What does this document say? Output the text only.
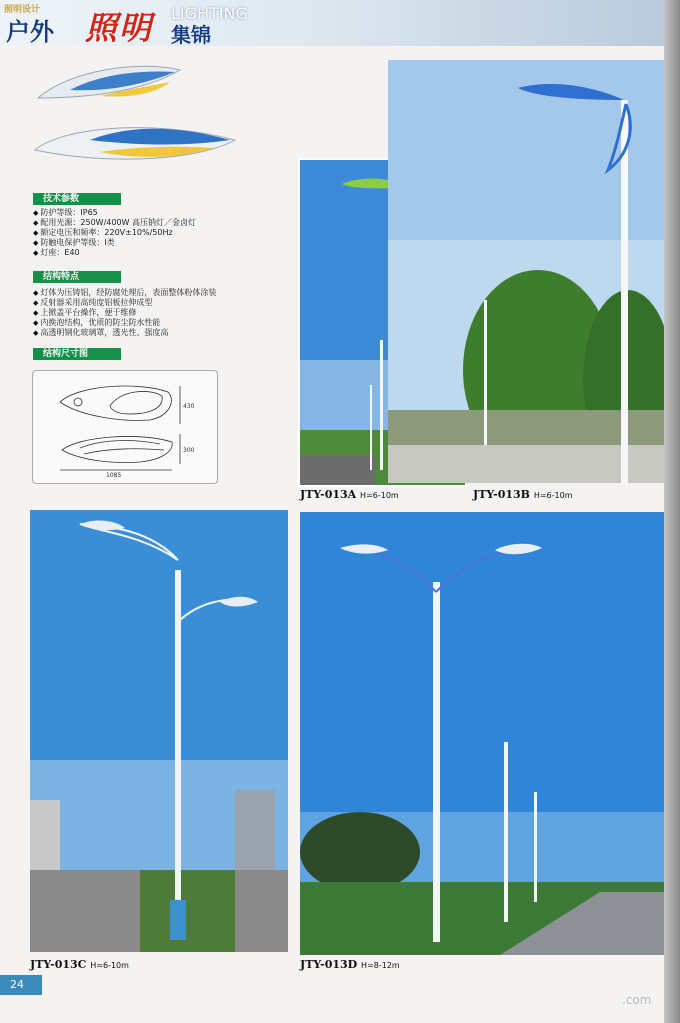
照明设计
户外 照明 LIGHTING
集锦
技术参数
◆ 防护等级：IP65
◆ 配用光源：250W/400W 高压钠灯／金卤灯
◆ 额定电压和频率：220V±10%/50Hz
◆ 防触电保护等级：Ⅰ类
◆ 灯座：E40
结构特点
◆ 灯体为压铸铝，经防腐处理后，表面整体粉体涂装
◆ 反射器采用高纯度铝板拉伸成型
◆ 上掀盖平台操作，便于维修
◆ 内换泡结构，优质的防尘防水性能
◆ 高透明钢化玻璃罩，透光性、强度高
结构尺寸图
430
300
1085
JTY-013A H=6-10m	JTY-013B H=6-10m
JTY-013C H=6-10m	JTY-013D H=8-12m
24
.com
